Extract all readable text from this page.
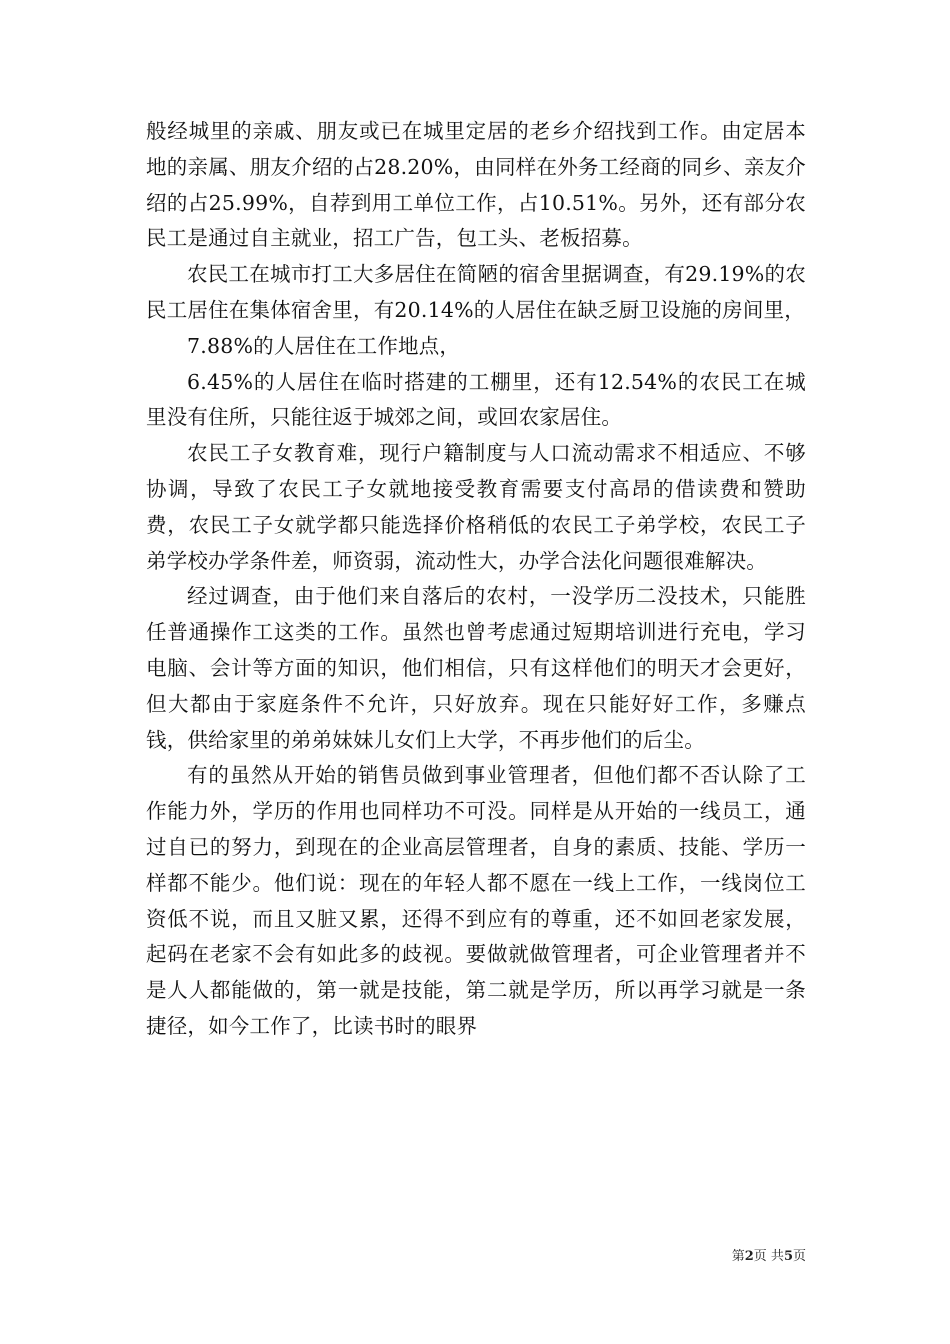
般经城里的亲戚、朋友或已在城里定居的老乡介绍找到工作。由定居本地的亲属、朋友介绍的占28.20%，由同样在外务工经商的同乡、亲友介绍的占25.99%，自荐到用工单位工作，占10.51%。另外，还有部分农民工是通过自主就业，招工广告，包工头、老板招募。

农民工在城市打工大多居住在简陋的宿舍里据调查，有29.19%的农民工居住在集体宿舍里，有20.14%的人居住在缺乏厨卫设施的房间里，

7.88%的人居住在工作地点，

6.45%的人居住在临时搭建的工棚里，还有12.54%的农民工在城里没有住所，只能往返于城郊之间，或回农家居住。

农民工子女教育难，现行户籍制度与人口流动需求不相适应、不够协调，导致了农民工子女就地接受教育需要支付高昂的借读费和赞助费，农民工子女就学都只能选择价格稍低的农民工子弟学校，农民工子弟学校办学条件差，师资弱，流动性大，办学合法化问题很难解决。

经过调查，由于他们来自落后的农村，一没学历二没技术，只能胜任普通操作工这类的工作。虽然也曾考虑通过短期培训进行充电，学习电脑、会计等方面的知识，他们相信，只有这样他们的明天才会更好，但大都由于家庭条件不允许，只好放弃。现在只能好好工作，多赚点钱，供给家里的弟弟妹妹儿女们上大学，不再步他们的后尘。

有的虽然从开始的销售员做到事业管理者，但他们都不否认除了工作能力外，学历的作用也同样功不可没。同样是从开始的一线员工，通过自已的努力，到现在的企业高层管理者，自身的素质、技能、学历一样都不能少。他们说：现在的年轻人都不愿在一线上工作，一线岗位工资低不说，而且又脏又累，还得不到应有的尊重，还不如回老家发展，起码在老家不会有如此多的歧视。要做就做管理者，可企业管理者并不是人人都能做的，第一就是技能，第二就是学历，所以再学习就是一条捷径，如今工作了，比读书时的眼界

第2页 共5页
